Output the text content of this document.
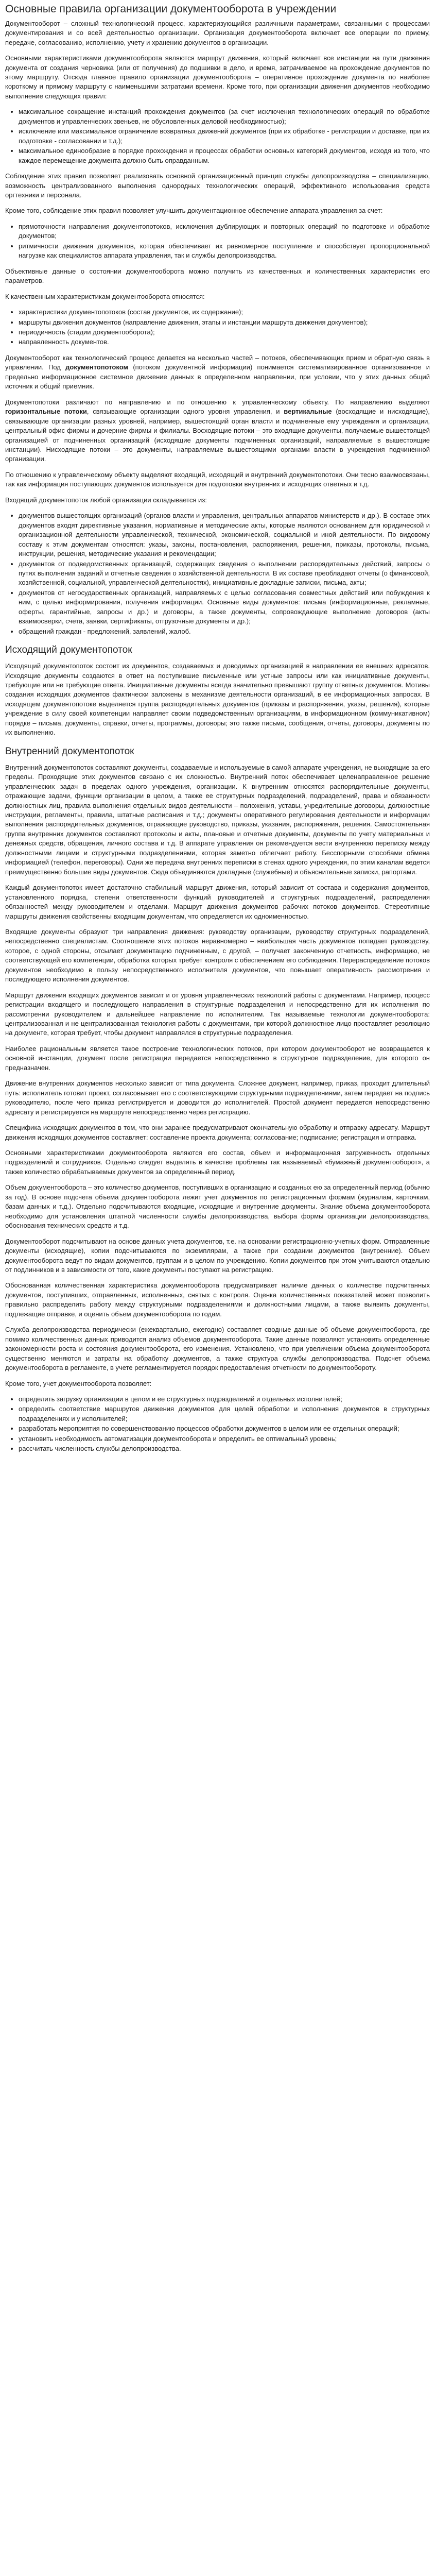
Основные правила организации документооборота в учреждении

Документооборот – сложный технологический процесс, характеризующийся различными параметрами, связанными с процессами документирования и со всей деятельностью организации. Организация документооборота включает все операции по приему, передаче, согласованию, исполнению, учету и хранению документов в организации.

Основными характеристиками документооборота являются маршрут движения, который включает все инстанции на пути движения документа от создания черновика (или от получения) до подшивки в дело, и время, затрачиваемое на прохождение документов по этому маршруту. Отсюда главное правило организации документооборота – оперативное прохождение документа по наиболее короткому и прямому маршруту с наименьшими затратами времени. Кроме того, при организации движения документов необходимо выполнение следующих правил:

• максимальное сокращение инстанций прохождения документов (за счет исключения технологических операций по обработке документов и управленческих звеньев, не обусловленных деловой необходимостью);
• исключение или максимальное ограничение возвратных движений документов (при их обработке - регистрации и доставке, при их подготовке - согласовании и т.д.);
• максимальное единообразие в порядке прохождения и процессах обработки основных категорий документов, исходя из того, что каждое перемещение документа должно быть оправданным.

Соблюдение этих правил позволяет реализовать основной организационный принцип службы делопроизводства – специализацию, возможность централизованного выполнения однородных технологических операций, эффективного использования средств оргтехники и персонала.

Кроме того, соблюдение этих правил позволяет улучшить документационное обеспечение аппарата управления за счет:

• прямоточности направления документопотоков, исключения дублирующих и повторных операций по подготовке и обработке документов;
• ритмичности движения документов, которая обеспечивает их равномерное поступление и способствует пропорциональной нагрузке как специалистов аппарата управления, так и службы делопроизводства.

Объективные данные о состоянии документооборота можно получить из качественных и количественных характеристик его параметров.

К качественным характеристикам документооборота относятся:

• характеристики документопотоков (состав документов, их содержание);
• маршруты движения документов (направление движения, этапы и инстанции маршрута движения документов);
• периодичность (стадии документооборота);
• направленность документов.

Документооборот как технологический процесс делается на несколько частей – потоков, обеспечивающих прием и обратную связь в управлении. Под документопотоком (потоком документной информации) понимается систематизированное организованное и предельно информационное системное движение данных в определенном направлении, при условии, что у этих данных общий источник и общий приемник.

Документопотоки различают по направлению и по отношению к управленческому объекту. По направлению выделяют горизонтальные потоки, связывающие организации одного уровня управления, и вертикальные (восходящие и нисходящие), связывающие организации разных уровней, например, вышестоящий орган власти и подчиненные ему учреждения и организации, центральный офис фирмы и дочерние фирмы и филиалы. Восходящие потоки – это входящие документы, получаемые вышестоящей организацией от подчиненных организаций (исходящие документы подчиненных организаций, направляемые в вышестоящие инстанции). Нисходящие потоки – это документы, направляемые вышестоящими органами власти в учреждения подчиненной организации.

По отношению к управленческому объекту выделяют входящий, исходящий и внутренний документопотоки. Они тесно взаимосвязаны, так как информация поступающих документов используется для подготовки внутренних и исходящих ответных и т.д.

Входящий документопоток любой организации складывается из:

• документов вышестоящих организаций (органов власти и управления, центральных аппаратов министерств и др.). В составе этих документов входят директивные указания, нормативные и методические акты, которые являются основанием для юридической и организационной деятельности управленческой, технической, экономической, социальной и иной деятельности. По видовому составу к этим документам относятся: указы, законы, постановления, распоряжения, решения, приказы, протоколы, письма, инструкции, решения, методические указания и рекомендации;
• документов от подведомственных организаций, содержащих сведения о выполнении распорядительных действий, запросы о путях выполнения заданий и отчетные сведения о хозяйственной деятельности. В их составе преобладают отчеты (о финансовой, хозяйственной, социальной, управленческой деятельностях), инициативные докладные записки, письма, акты;
• документов от негосударственных организаций, направляемых с целью согласования совместных действий или побуждения к ним, с целью информирования, получения информации. Основные виды документов: письма (информационные, рекламные, оферты, гарантийные, запросы и др.) и договоры, а также документы, сопровождающие выполнение договоров (акты взаимосверки, счета, заявки, сертификаты, отгрузочные документы и др.);
• обращений граждан - предложений, заявлений, жалоб.
Исходящий документопоток

Исходящий документопоток состоит из документов, создаваемых и доводимых организацией в направлении ее внешних адресатов. Исходящие документы создаются в ответ на поступившие письменные или устные запросы или как инициативные документы, требующие или не требующие ответа. Инициативные документы всегда значительно превышают группу ответных документов. Мотивы создания исходящих документов фактически заложены в механизме деятельности организаций, в ее информационных запросах. В исходящем документопотоке выделяется группа распорядительных документов (приказы и распоряжения, указы, решения), которые учреждение в силу своей компетенции направляет своим подведомственным организациям, в информационном (коммуникативном) порядке – письма, документы, справки, отчеты, программы, договоры; это также письма, сообщения, отчеты, договоры, документы по их выполнению.

Внутренний документопоток

Внутренний документопоток составляют документы, создаваемые и используемые в самой аппарате учреждения, не выходящие за его пределы. Проходящие этих документов связано с их сложностью. Внутренний поток обеспечивает целенаправленное решение управленческих задач в пределах одного учреждения, организации. К внутренним относятся распорядительные документы, отражающие задачи, функции организации в целом, а также ее структурных подразделений, подразделений, права и обязанности должностных лиц, правила выполнения отдельных видов деятельности – положения, уставы, учредительные договоры, должностные инструкции, регламенты, правила, штатные расписания и т.д.; документы оперативного регулирования деятельности и информации выполнения распорядительных документов, отражающие руководство, приказы, указания, распоряжения, решения. Самостоятельная группа внутренних документов составляют протоколы и акты, плановые и отчетные документы, документы по учету материальных и денежных средств, обращения, личного состава и т.д. В аппарате управления он рекомендуется вести внутреннюю переписку между должностными лицами и структурными подразделениями, которая заметно облегчает работу. Бесспорными способами обмена информацией (телефон, переговоры). Одни же передача внутренних переписки в стенах одного учреждения, по этим каналам ведется преимущественно большие виды документов. Сюда объединяются докладные (служебные) и объяснительные записки, рапортами.

Каждый документопоток имеет достаточно стабильный маршрут движения, который зависит от состава и содержания документов, установленного порядка, степени ответственности функций руководителей и структурных подразделений, распределения обязанностей между руководителем и отделами. Маршрут движения документов рабочих потоков документов. Стереотипные маршруты движения свойственны входящим документам, что определяется их одноименностью.

Входящие документы образуют три направления движения: руководству организации, руководству структурных подразделений, непосредственно специалистам. Соотношение этих потоков неравномерно – наибольшая часть документов попадает руководству, которое, с одной стороны, отсылает документацию подчиненным, с другой, – получает законченную отчетность, информацию, не соответствующей его компетенции, обработка которых требует контроля с обеспечением его соблюдения. Перераспределение потоков документов необходимо в пользу непосредственного исполнителя документов, что повышает оперативность рассмотрения и последующего исполнения документов.

Маршрут движения входящих документов зависит и от уровня управленческих технологий работы с документами. Например, процесс регистрации входящего и последующего направления в структурные подразделения и непосредственно для их исполнения по рассмотрении руководителем и дальнейшее направление по исполнителям. Так называемые технологии документооборота: централизованная и не централизованная технология работы с документами, при которой должностное лицо проставляет резолюцию на документе, которая требует, чтобы документ направлялся в структурные подразделения.

Наиболее рациональным является такое построение технологических потоков, при котором документооборот не возвращается к основной инстанции, документ после регистрации передается непосредственно в структурное подразделение, для которого он предназначен.

Движение внутренних документов несколько зависит от типа документа. Сложнее документ, например, приказ, проходит длительный путь: исполнитель готовит проект, согласовывает его с соответствующими структурными подразделениями, затем передает на подпись руководителю, после чего приказ регистрируется и доводится до исполнителей. Простой документ передается непосредственно адресату и регистрируется на маршруте непосредственно через регистрацию.

Специфика исходящих документов в том, что они заранее предусматривают окончательную обработку и отправку адресату. Маршрут движения исходящих документов составляет: составление проекта документа; согласование; подписание; регистрация и отправка.

Основными характеристиками документооборота являются его состав, объем и информационная загруженность отдельных подразделений и сотрудников. Отдельно следует выделять в качестве проблемы так называемый «бумажный документооборот», а также количество обрабатываемых документов за определенный период.

Объем документооборота – это количество документов, поступивших в организацию и созданных ею за определенный период (обычно за год). В основе подсчета объема документооборота лежит учет документов по регистрационным формам (журналам, карточкам, базам данных и т.д.). Отдельно подсчитываются входящие, исходящие и внутренние документы. Знание объема документооборота необходимо для установления штатной численности службы делопроизводства, выбора формы организации делопроизводства, обоснования технических средств и т.д.

Документооборот подсчитывают на основе данных учета документов, т.е. на основании регистрационно-учетных форм. Отправленные документы (исходящие), копии подсчитываются по экземплярам, а также при создании документов (внутренние). Объем документооборота ведут по видам документов, группам и в целом по учреждению. Копии документов при этом учитываются отдельно от подлинников и в зависимости от того, какие документы поступают на регистрацию.

Обоснованная количественная характеристика документооборота предусматривает наличие данных о количестве подсчитанных документов, поступивших, отправленных, исполненных, снятых с контроля. Оценка количественных показателей может позволить правильно распределить работу между структурными подразделениями и должностными лицами, а также выявить документы, подлежащие отправке, и оценить объем документооборота по годам.

Служба делопроизводства периодически (ежеквартально, ежегодно) составляет сводные данные об объеме документооборота, где помимо количественных данных приводится анализ объемов документооборота. Такие данные позволяют установить определенные закономерности роста и состояния документооборота, его изменения. Установлено, что при увеличении объема документооборота существенно меняются и затраты на обработку документов, а также структура службы делопроизводства. Подсчет объема документооборота в регламенте, в учете регламентируется порядок предоставления отчетности по документообороту.

Кроме того, учет документооборота позволяет:

• определить загрузку организации в целом и ее структурных подразделений и отдельных исполнителей;
• определить соответствие маршрутов движения документов для целей обработки и исполнения документов в структурных подразделениях и у исполнителей;
• разработать мероприятия по совершенствованию процессов обработки документов в целом или ее отдельных операций;
• установить необходимость автоматизации документооборота и определить ее оптимальный уровень;
• рассчитать численность службы делопроизводства.
